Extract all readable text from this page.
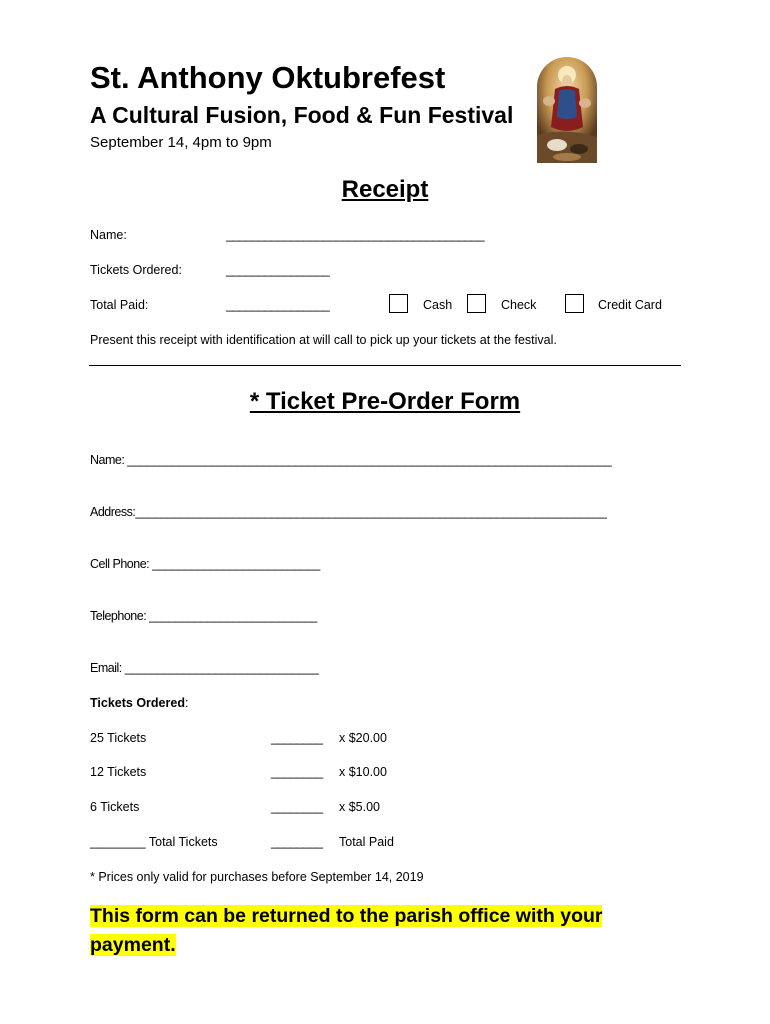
St. Anthony Oktubrefest
A Cultural Fusion, Food & Fun Festival
September 14, 4pm to 9pm
Receipt
Name:	________________________________________
Tickets Ordered:	________________
Total Paid:	________________	Cash	Check	Credit Card
Present this receipt with identification at will call to pick up your tickets at the festival.
* Ticket Pre-Order Form
Name: ___________________________________________________________________________
Address:_________________________________________________________________________
Cell Phone: __________________________
Telephone: __________________________
Email: ______________________________
Tickets Ordered:
25 Tickets	________ x $20.00
12 Tickets	________ x $10.00
6 Tickets	________ x $5.00
________ Total Tickets	________ Total Paid
* Prices only valid for purchases before September 14, 2019
This form can be returned to the parish office with your
payment.
